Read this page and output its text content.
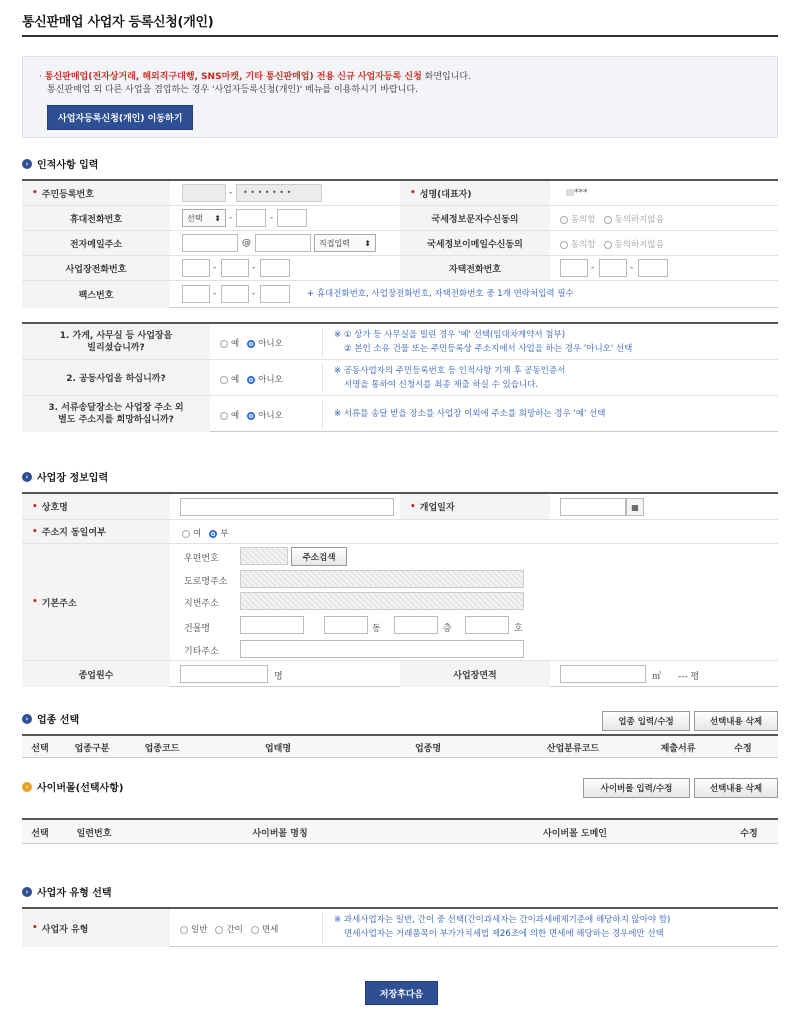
통신판매업 사업자 등록신청(개인)
· 통신판매업(전자상거래, 해외직구대행, SNS마켓, 기타 통신판매업) 전용 신규 사업자등록 신청 화면입니다.
통신판매업 외 다른 사업을 겸업하는 경우 '사업자등록신청(개인)' 메뉴를 이용하시기 바랍니다.
사업자등록신청(개인) 이동하기
› 인적사항 입력
• 주민등록번호	-	• • • • • • •	• 성명(대표자)	***
휴대전화번호	선택 ⬍ -	-	국세정보문자수신동의	동의함	동의하지않음
전자메일주소	@	직접입력 ⬍	국세정보이메일수신동의	동의함	동의하지않음
사업장전화번호	-	-	자택전화번호	-	-
팩스번호	-	-	+ 휴대전화번호, 사업장전화번호, 자택전화번호 중 1개 연락처입력 필수
1. 가게, 사무실 등 사업장을
빌리셨습니까?	예	아니오
※ ① 상가 등 사무실을 빌린 경우 '예' 선택(임대차계약서 첨부)
② 본인 소유 건물 또는 주민등록상 주소지에서 사업을 하는 경우 '아니오' 선택
2. 공동사업을 하십니까?	예	아니오
※ 공동사업자의 주민등록번호 등 인적사항 기재 후 공동인증서
서명을 통하여 신청서를 최종 제출 하실 수 있습니다.
3. 서류송달장소는 사업장 주소 외
별도 주소지를 희망하십니까?	예	아니오	※ 서류를 송달 받을 장소를 사업장 이외에 주소를 희망하는 경우 '예' 선택
› 사업장 정보입력
• 상호명	• 개업일자	▦
• 주소지 동일여부	여	부
• 기본주소
우편번호	주소검색
도로명주소
지번주소
건물명	동	층	호
기타주소
종업원수	명	사업장면적	㎡ --- 평
› 업종 선택	업종 입력/수정	선택내용 삭제
선택	업종구분	업종코드	업태명	업종명	산업분류코드	제출서류	수정
› 사이버몰(선택사항)	사이버몰 입력/수정	선택내용 삭제
선택	일련번호	사이버몰 명칭	사이버몰 도메인	수정
› 사업자 유형 선택
• 사업자 유형	일반	간이	면세
※ 과세사업자는 일반, 간이 중 선택(간이과세자는 간이과세배제기준에 해당하지 않아야 함)
면세사업자는 거래품목이 부가가치세법 제26조에 의한 면세에 해당하는 경우에만 선택
저장후다음
